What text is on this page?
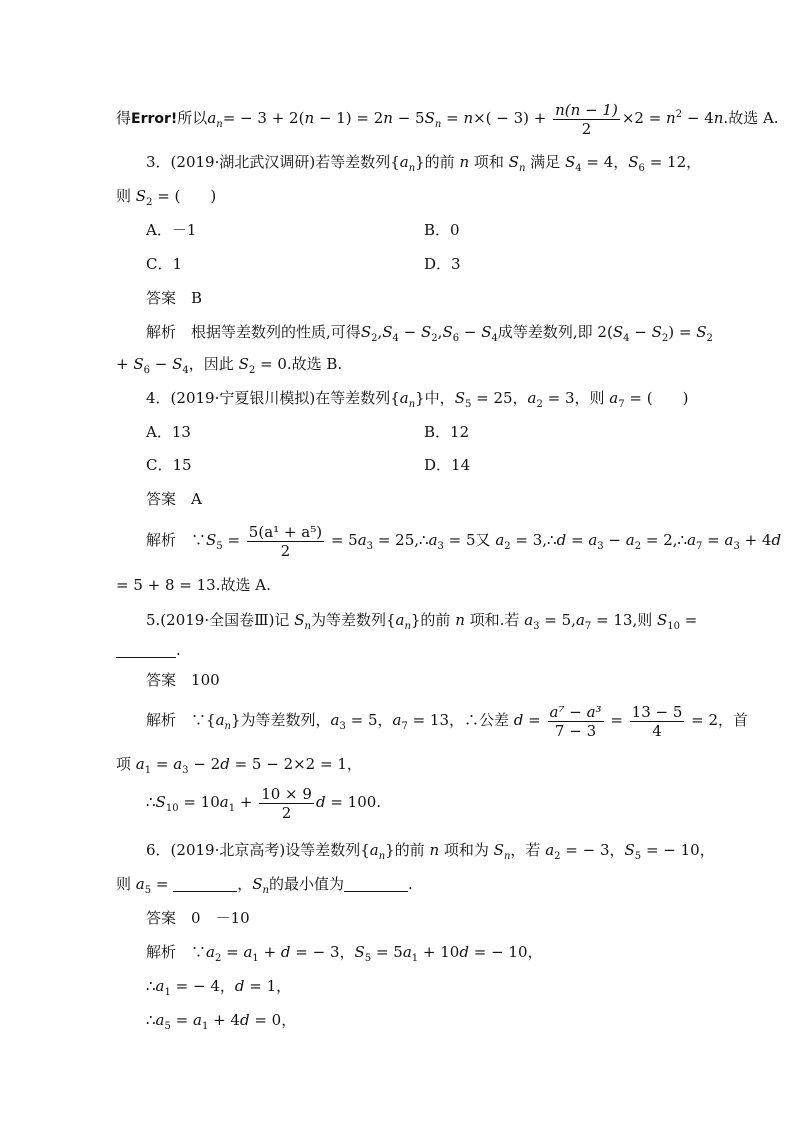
得Error!所以$a_n= - 3 + 2(n - 1) = 2n - 5S_n = n\times( - 3) + \frac{n(n - 1)}{2} \times 2 = n^2 - 4n$.故选 A.
3．(2019·湖北武汉调研)若等差数列$\{a_n\}$的前 n 项和 $S_n$ 满足 $S_4 = 4$，$S_6 = 12$，
则 $S_2$ = (　　)
A．－1	B．0
C．1	D．3
答案　 B
解析　 根据等差数列的性质,可得$S_2,S_4 - S_2,S_6 - S_4$成等差数列,即 $2(S_4 - S_2) = S_2$
+ $S_6 - S_4$，因此 $S_2 = 0$.故选 B.
4．(2019·宁夏银川模拟)在等差数列$\{a_n\}$中，$S_5 = 25$，$a_2 = 3$，则 $a_7$ = (　　)
A．13	B．12
C．15	D．14
答案　 A
解析　$\because S_5 = \frac{\text{5(a¹ + a⁵)}}{2} = 5a_3$ = $25,\therefore a_3 = 5$又 $a_2$ = 3,∴d = $a_3 - a_2$ = $2,\therefore a_7 = a_3 + 4d$
= 5 + 8 = 13.故选 A.
5.(2019·全国卷Ⅲ)记 $S_n$为等差数列$\{a_n\}$的前 n 项和.若 $a_3 = 5,a_7 = 13$,则 $S_{10}$ =
.
答案　 100
解析　$\because\{a_n\}$为等差数列，$a_3 = 5$，$a_7 = 13$，∴公差 $d = \frac{\text{a⁷ − a³}}{7 - 3} = \frac{13 - 5}{4} = 2$，首
项 $a_1 = a_3 - 2d = 5 - 2\times 2 = 1$，
$\therefore S_{10} = 10a_1 + \frac{10 \times 9}{2}$ d = 100.
6．(2019·北京高考)设等差数列$\{a_n\}$的前 n 项和为 $S_n$，若 $a_2$ = − 3，$S_5$ = − 10，
则 $a_5$ =	，$S_n$的最小值为	.
答案　 0　－10
解析　$\because a_2 = a_1 + d$ = − 3，$S_5 = 5a_1 + 10d$ = − 10，
$\therefore a_1$ = − 4，d = 1，
$\therefore a_5 = a_1 + 4d = 0$，
